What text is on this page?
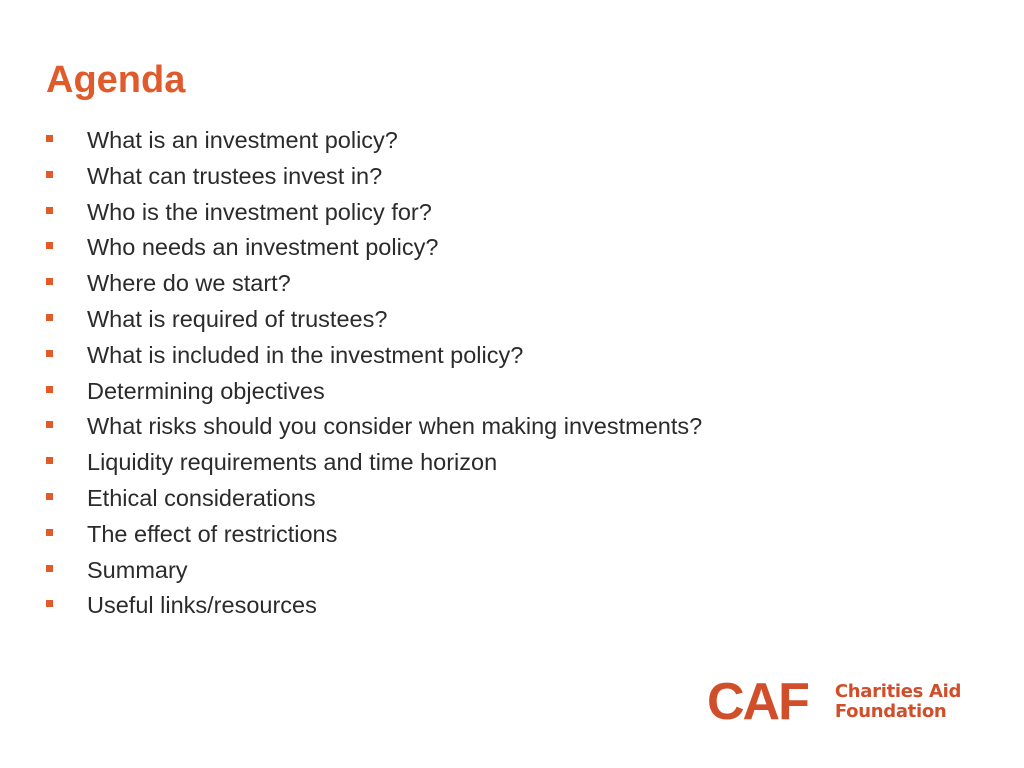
Agenda
What is an investment policy?
What can trustees invest in?
Who is the investment policy for?
Who needs an investment policy?
Where do we start?
What is required of trustees?
What is included in the investment policy?
Determining objectives
What risks should you consider when making investments?
Liquidity requirements and time horizon
Ethical considerations
The effect of restrictions
Summary
Useful links/resources
CAF Charities Aid
Foundation
